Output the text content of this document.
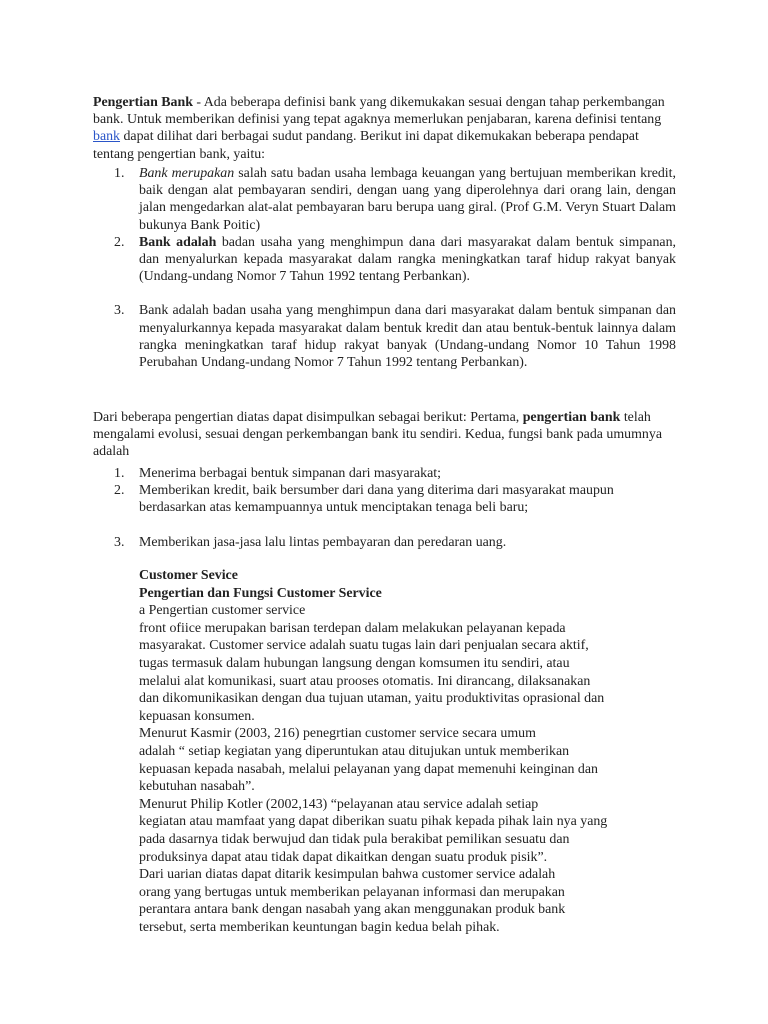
Pengertian Bank - Ada beberapa definisi bank yang dikemukakan sesuai dengan tahap perkembangan bank. Untuk memberikan definisi yang tepat agaknya memerlukan penjabaran, karena definisi tentang bank dapat dilihat dari berbagai sudut pandang. Berikut ini dapat dikemukakan beberapa pendapat tentang pengertian bank, yaitu:

1. Bank merupakan salah satu badan usaha lembaga keuangan yang bertujuan memberikan kredit, baik dengan alat pembayaran sendiri, dengan uang yang diperolehnya dari orang lain, dengan jalan mengedarkan alat-alat pembayaran baru berupa uang giral. (Prof G.M. Veryn Stuart Dalam bukunya Bank Poitic)
2. Bank adalah badan usaha yang menghimpun dana dari masyarakat dalam bentuk simpanan, dan menyalurkan kepada masyarakat dalam rangka meningkatkan taraf hidup rakyat banyak (Undang-undang Nomor 7 Tahun 1992 tentang Perbankan).
3. Bank adalah badan usaha yang menghimpun dana dari masyarakat dalam bentuk simpanan dan menyalurkannya kepada masyarakat dalam bentuk kredit dan atau bentuk-bentuk lainnya dalam rangka meningkatkan taraf hidup rakyat banyak (Undang-undang Nomor 10 Tahun 1998 Perubahan Undang-undang Nomor 7 Tahun 1992 tentang Perbankan).

Dari beberapa pengertian diatas dapat disimpulkan sebagai berikut: Pertama, pengertian bank telah mengalami evolusi, sesuai dengan perkembangan bank itu sendiri. Kedua, fungsi bank pada umumnya adalah

1. Menerima berbagai bentuk simpanan dari masyarakat;
2. Memberikan kredit, baik bersumber dari dana yang diterima dari masyarakat maupun berdasarkan atas kemampuannya untuk menciptakan tenaga beli baru;
3. Memberikan jasa-jasa lalu lintas pembayaran dan peredaran uang.
Customer Sevice
Pengertian dan Fungsi Customer Service
a Pengertian customer service
front ofiice merupakan barisan terdepan dalam melakukan pelayanan kepada
masyarakat. Customer service adalah suatu tugas lain dari penjualan secara aktif,
tugas termasuk dalam hubungan langsung dengan komsumen itu sendiri, atau
melalui alat komunikasi, suart atau prooses otomatis. Ini dirancang, dilaksanakan
dan dikomunikasikan dengan dua tujuan utaman, yaitu produktivitas oprasional dan
kepuasan konsumen.
Menurut Kasmir (2003, 216) penegrtian customer service secara umum
adalah “ setiap kegiatan yang diperuntukan atau ditujukan untuk memberikan
kepuasan kepada nasabah, melalui pelayanan yang dapat memenuhi keinginan dan
kebutuhan nasabah”.
Menurut Philip Kotler (2002,143) “pelayanan atau service adalah setiap
kegiatan atau mamfaat yang dapat diberikan suatu pihak kepada pihak lain nya yang
pada dasarnya tidak berwujud dan tidak pula berakibat pemilikan sesuatu dan
produksinya dapat atau tidak dapat dikaitkan dengan suatu produk pisik”.
Dari uarian diatas dapat ditarik kesimpulan bahwa customer service adalah
orang yang bertugas untuk memberikan pelayanan informasi dan merupakan
perantara antara bank dengan nasabah yang akan menggunakan produk bank
tersebut, serta memberikan keuntungan bagin kedua belah pihak.
